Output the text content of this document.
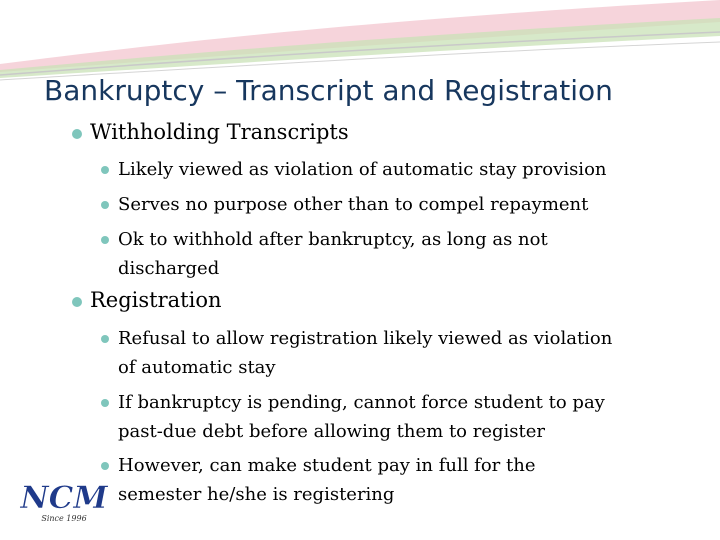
Bankruptcy – Transcript and Registration

Withholding Transcripts

Likely viewed as violation of automatic stay provision

Serves no purpose other than to compel repayment

Ok to withhold after bankruptcy, as long as not
discharged

Registration

Refusal to allow registration likely viewed as violation
of automatic stay

If bankruptcy is pending, cannot force student to pay
past-due debt before allowing them to register

However, can make student pay in full for the
semester he/she is registering

NCM
Since 1996
